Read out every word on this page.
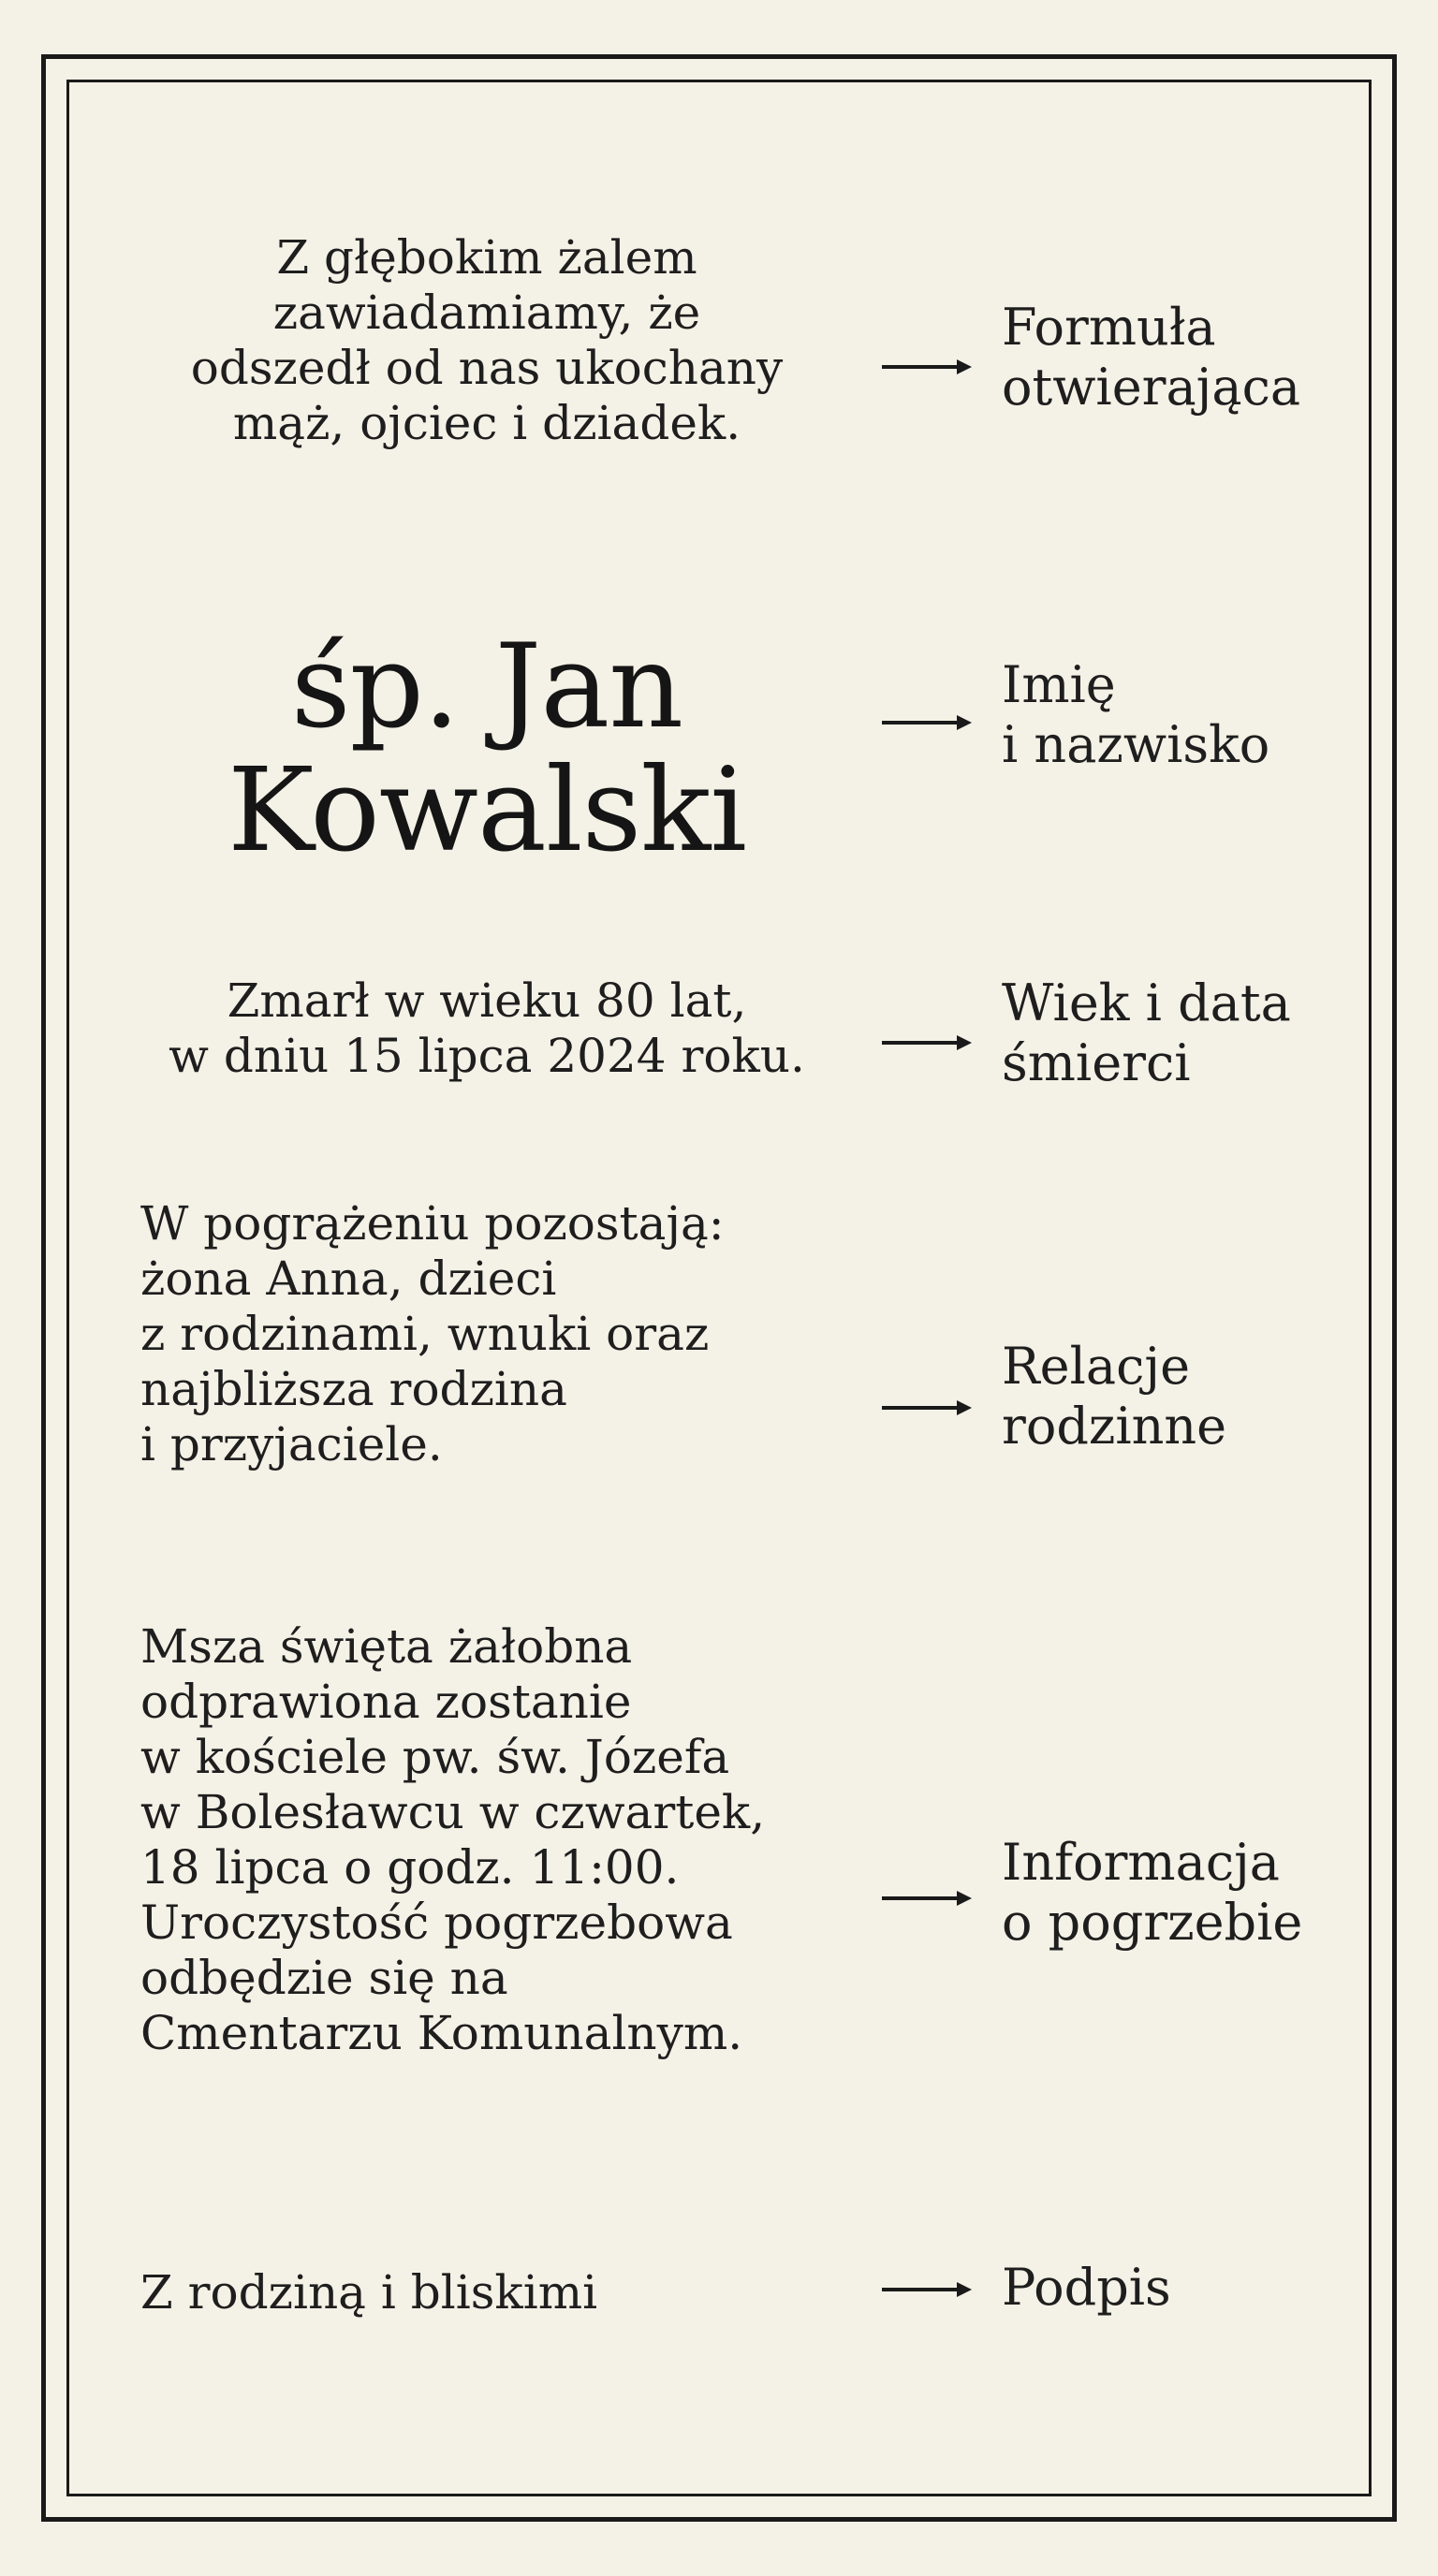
Z głębokim żalem
zawiadamiamy, że
odszedł od nas ukochany
mąż, ojciec i dziadek.

Formuła
otwierająca

śp. Jan
Kowalski

Imię
i nazwisko

Zmarł w wieku 80 lat,
w dniu 15 lipca 2024 roku.

Wiek i data
śmierci

W pogrążeniu pozostają:
żona Anna, dzieci
z rodzinami, wnuki oraz
najbliższa rodzina
i przyjaciele.

Relacje
rodzinne

Msza święta żałobna
odprawiona zostanie
w kościele pw. św. Józefa
w Bolesławcu w czwartek,
18 lipca o godz. 11:00.
Uroczystość pogrzebowa
odbędzie się na
Cmentarzu Komunalnym.

Informacja
o pogrzebie

Z rodziną i bliskimi	Podpis
